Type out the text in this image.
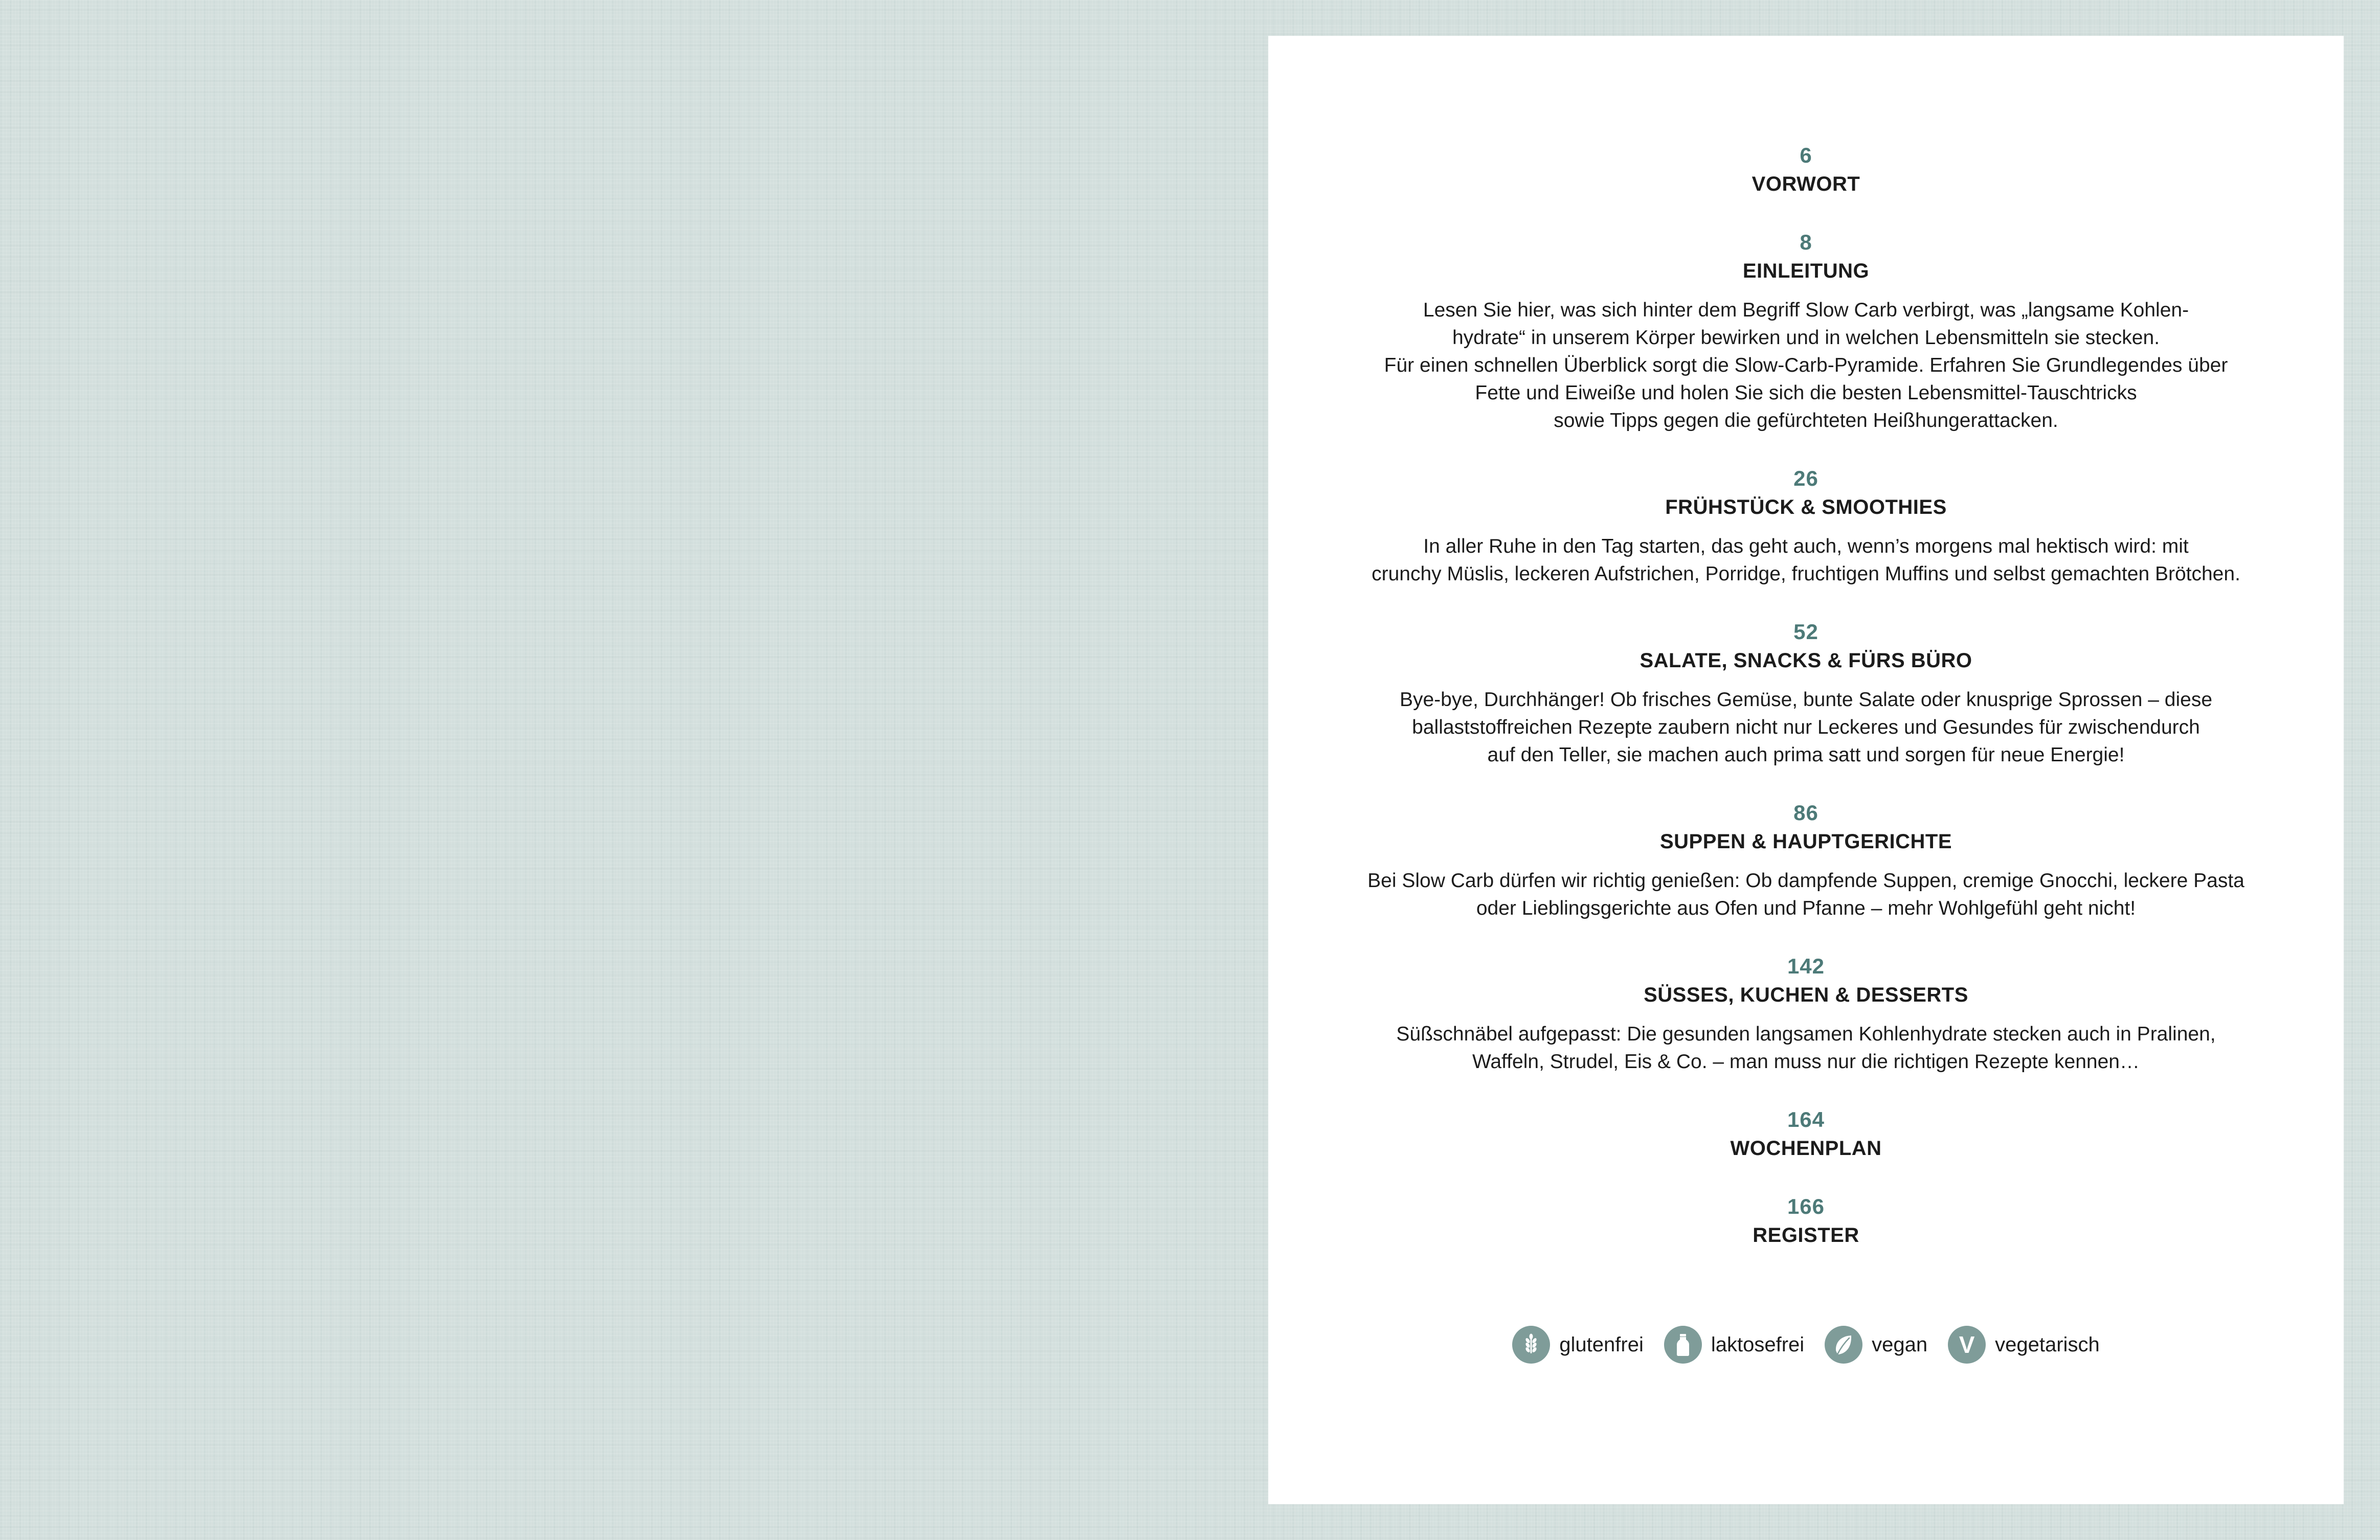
6
VORWORT
8
EINLEITUNG
Lesen Sie hier, was sich hinter dem Begriff Slow Carb verbirgt, was „langsame Kohlen-
hydrate“ in unserem Körper bewirken und in welchen Lebensmitteln sie stecken.
Für einen schnellen Überblick sorgt die Slow-Carb-Pyramide. Erfahren Sie Grundlegendes über
Fette und Eiweiße und holen Sie sich die besten Lebensmittel-Tauschtricks
sowie Tipps gegen die gefürchteten Heißhungerattacken.
26
FRÜHSTÜCK & SMOOTHIES
In aller Ruhe in den Tag starten, das geht auch, wenn’s morgens mal hektisch wird: mit
crunchy Müslis, leckeren Aufstrichen, Porridge, fruchtigen Muffins und selbst gemachten Brötchen.
52
SALATE, SNACKS & FÜRS BÜRO
Bye-bye, Durchhänger! Ob frisches Gemüse, bunte Salate oder knusprige Sprossen – diese
ballaststoffreichen Rezepte zaubern nicht nur Leckeres und Gesundes für zwischendurch
auf den Teller, sie machen auch prima satt und sorgen für neue Energie!
86
SUPPEN & HAUPTGERICHTE
Bei Slow Carb dürfen wir richtig genießen: Ob dampfende Suppen, cremige Gnocchi, leckere Pasta
oder Lieblingsgerichte aus Ofen und Pfanne – mehr Wohlgefühl geht nicht!
142
SÜSSES, KUCHEN & DESSERTS
Süßschnäbel aufgepasst: Die gesunden langsamen Kohlenhydrate stecken auch in Pralinen,
Waffeln, Strudel, Eis & Co. – man muss nur die richtigen Rezepte kennen…
164
WOCHENPLAN
166
REGISTER
glutenfrei	laktosefrei	vegan V vegetarisch
